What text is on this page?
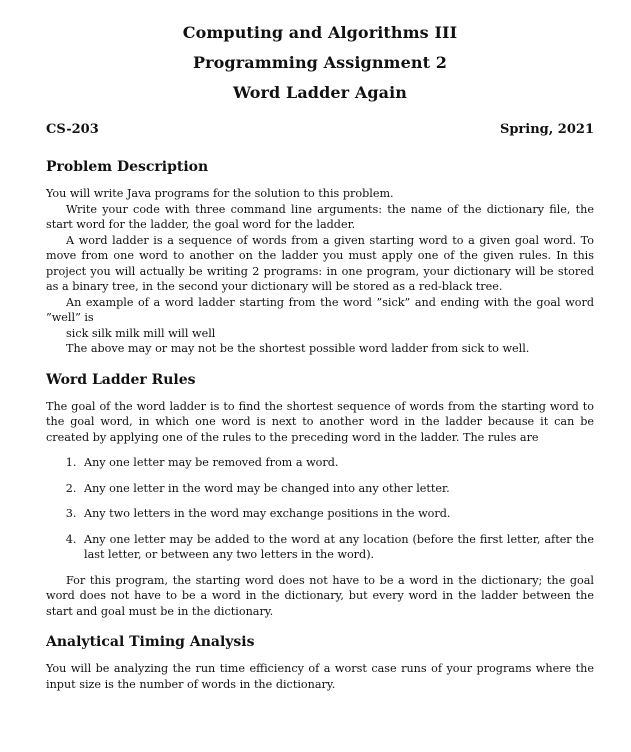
Computing and Algorithms III
Programming Assignment 2
Word Ladder Again
CS-203	Spring, 2021
Problem Description

You will write Java programs for the solution to this problem.

Write your code with three command line arguments: the name of the dictionary file, the start word for the ladder, the goal word for the ladder.

A word ladder is a sequence of words from a given starting word to a given goal word. To move from one word to another on the ladder you must apply one of the given rules. In this project you will actually be writing 2 programs: in one program, your dictionary will be stored as a binary tree, in the second your dictionary will be stored as a red-black tree.

An example of a word ladder starting from the word ”sick” and ending with the goal word ”well” is

sick silk milk mill will well

The above may or may not be the shortest possible word ladder from sick to well.

Word Ladder Rules

The goal of the word ladder is to find the shortest sequence of words from the starting word to the goal word, in which one word is next to another word in the ladder because it can be created by applying one of the rules to the preceding word in the ladder. The rules are

1. Any one letter may be removed from a word.
2. Any one letter in the word may be changed into any other letter.
3. Any two letters in the word may exchange positions in the word.
4. Any one letter may be added to the word at any location (before the first letter, after the last letter, or between any two letters in the word).

For this program, the starting word does not have to be a word in the dictionary; the goal word does not have to be a word in the dictionary, but every word in the ladder between the start and goal must be in the dictionary.

Analytical Timing Analysis

You will be analyzing the run time efficiency of a worst case runs of your programs where the input size is the number of words in the dictionary.
